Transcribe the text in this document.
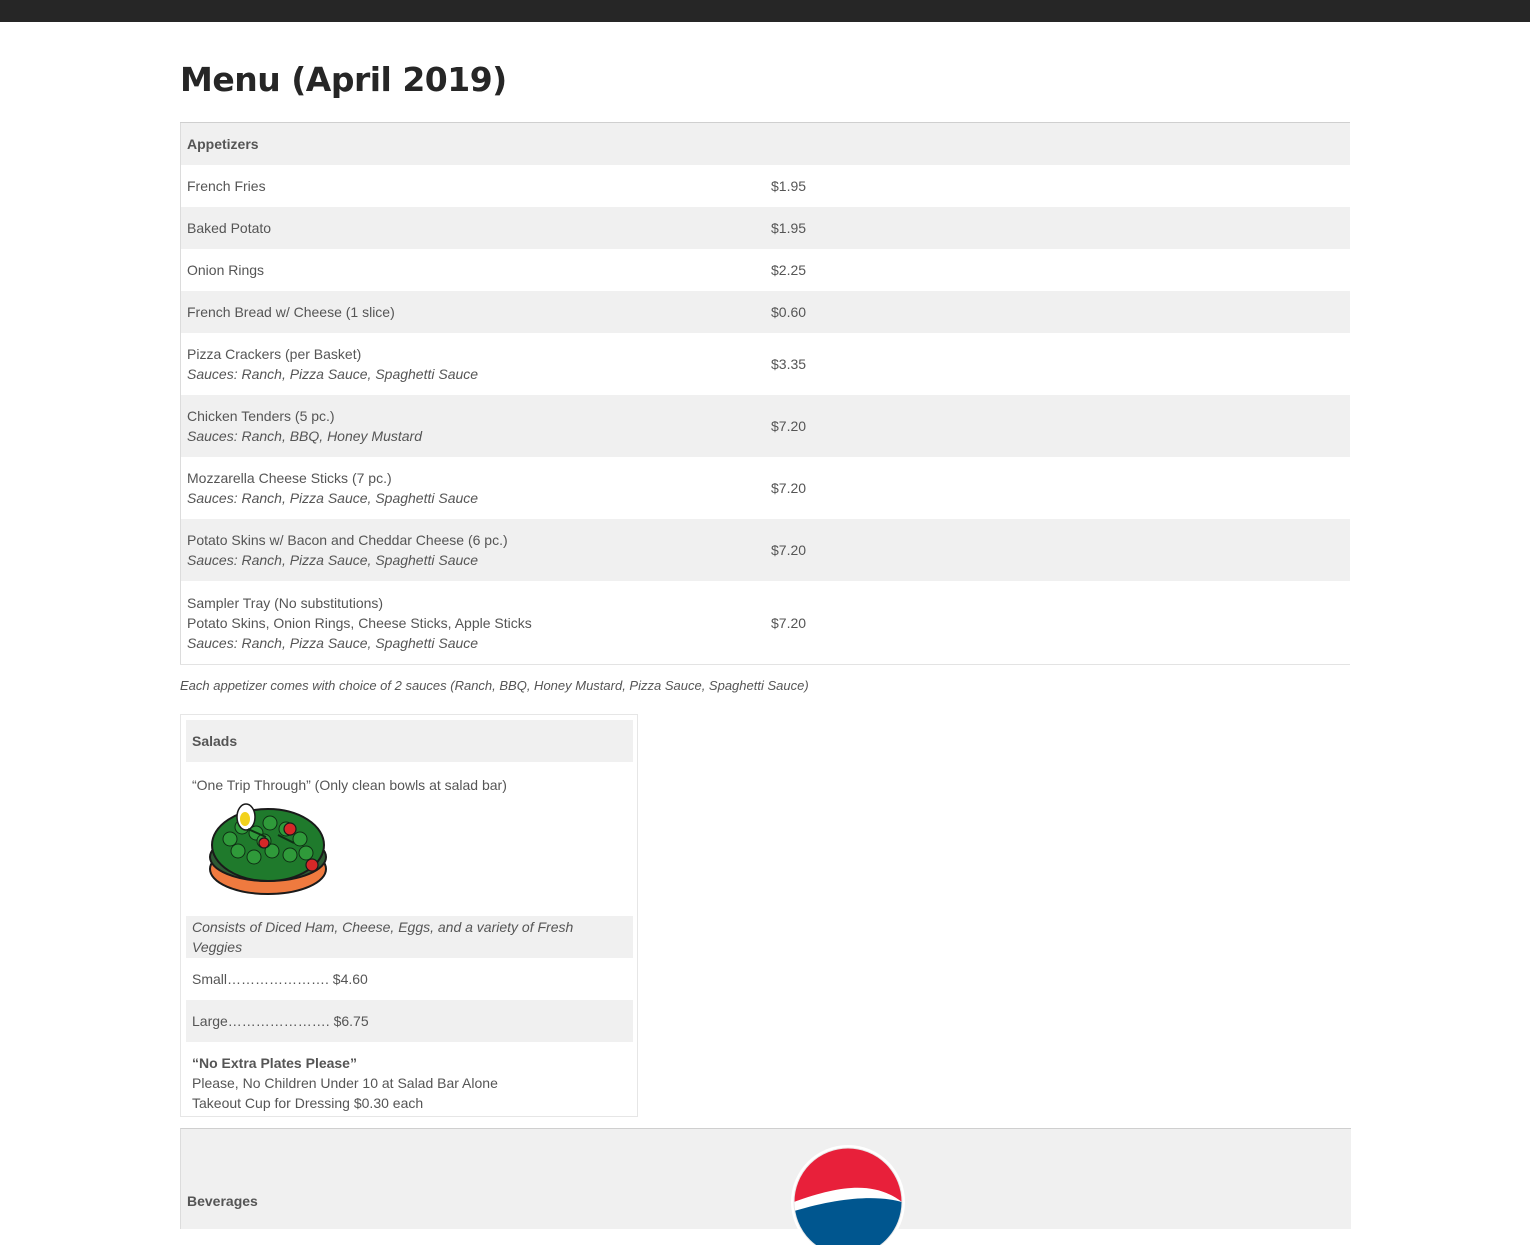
Menu (April 2019)
Appetizers	
French Fries	$1.95
Baked Potato	$1.95
Onion Rings	$2.25
French Bread w/ Cheese (1 slice)	$0.60

Pizza Crackers (per Basket)
Sauces: Ranch, Pizza Sauce, Spaghetti Sauce	$3.35

Chicken Tenders (5 pc.)
Sauces: Ranch, BBQ, Honey Mustard	$7.20

Mozzarella Cheese Sticks (7 pc.)
Sauces: Ranch, Pizza Sauce, Spaghetti Sauce	$7.20

Potato Skins w/ Bacon and Cheddar Cheese (6 pc.)
Sauces: Ranch, Pizza Sauce, Spaghetti Sauce	$7.20

Sampler Tray (No substitutions)
Potato Skins, Onion Rings, Cheese Sticks, Apple Sticks
Sauces: Ranch, Pizza Sauce, Spaghetti Sauce	$7.20
Each appetizer comes with choice of 2 sauces (Ranch, BBQ, Honey Mustard, Pizza Sauce, Spaghetti Sauce)
Salads

“One Trip Through” (Only clean bowls at salad bar)

Consists of Diced Ham, Cheese, Eggs, and a variety of Fresh Veggies
Small…………………. $4.60
Large…………………. $6.75

“No Extra Plates Please”
Please, No Children Under 10 at Salad Bar Alone
Takeout Cup for Dressing $0.30 each
Beverages
